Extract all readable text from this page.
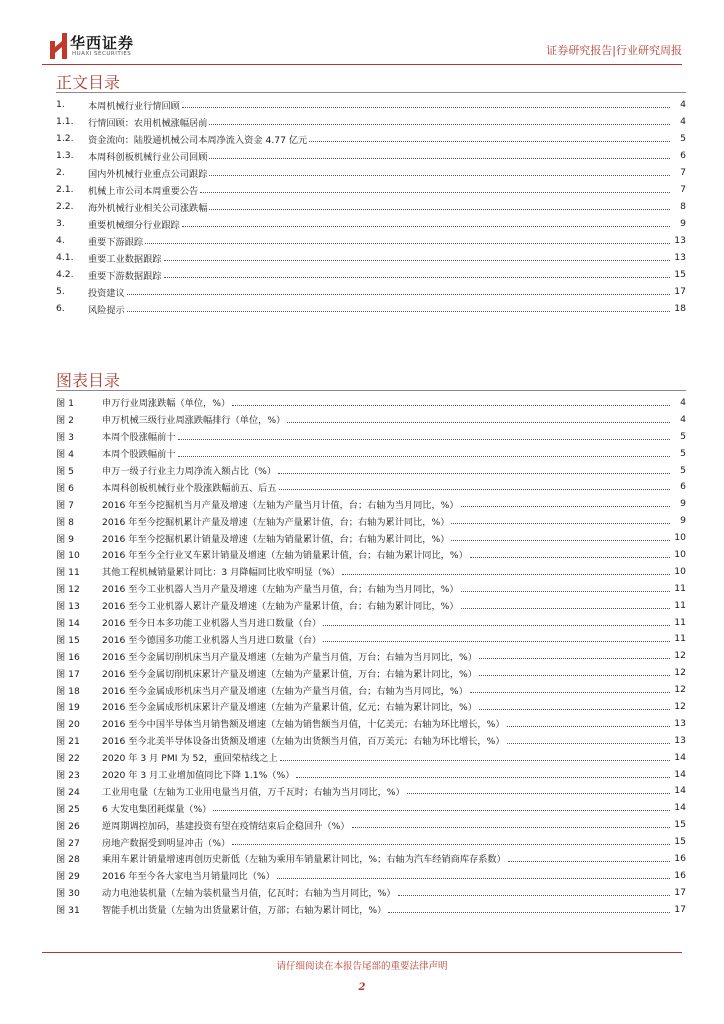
华西证券
HUAXI SECURITIES	证券研究报告|行业研究周报
正文目录
1.	本周机械行业行情回顾	4
1.1.	行情回顾：农用机械涨幅居前	4
1.2.	资金流向：陆股通机械公司本周净流入资金 4.77 亿元	5
1.3.	本周科创板机械行业公司回顾	6
2.	国内外机械行业重点公司跟踪	7
2.1.	机械上市公司本周重要公告	7
2.2.	海外机械行业相关公司涨跌幅	8
3.	重要机械细分行业跟踪	9
4.	重要下游跟踪	13
4.1.	重要工业数据跟踪	13
4.2.	重要下游数据跟踪	15
5.	投资建议	17
6.	风险提示	18
图表目录
图 1	申万行业周涨跌幅（单位，%）	4
图 2	申万机械三级行业周涨跌幅排行（单位，%）	4
图 3	本周个股涨幅前十	5
图 4	本周个股跌幅前十	5
图 5	申万一级子行业主力周净流入额占比（%）	5
图 6	本周科创板机械行业个股涨跌幅前五、后五	6
图 7	2016 年至今挖掘机当月产量及增速（左轴为产量当月计值，台；右轴为当月同比，%）	9
图 8	2016 年至今挖掘机累计产量及增速（左轴为产量累计值，台；右轴为累计同比，%）	9
图 9	2016 年至今挖掘机累计销量及增速（左轴为销量累计值，台；右轴为累计同比，%）	10
图 10	2016 年至今全行业叉车累计销量及增速（左轴为销量累计值，台；右轴为累计同比，%）	10
图 11	其他工程机械销量累计同比：3 月降幅同比收窄明显（%）	10
图 12	2016 至今工业机器人当月产量及增速（左轴为产量当月值，台；右轴为当月同比，%）	11
图 13	2016 至今工业机器人累计产量及增速（左轴为产量累计值，台；右轴为累计同比，%）	11
图 14	2016 至今日本多功能工业机器人当月进口数量（台）	11
图 15	2016 至今德国多功能工业机器人当月进口数量（台）	11
图 16	2016 至今金属切削机床当月产量及增速（左轴为产量当月值，万台；右轴为当月同比，%）	12
图 17	2016 至今金属切削机床累计产量及增速（左轴为产量累计值，万台；右轴为累计同比，%）	12
图 18	2016 至今金属成形机床当月产量及增速（左轴为产量当月值，台；右轴为当月同比，%）	12
图 19	2016 至今金属成形机床累计产量及增速（左轴为产量累计值，亿元；右轴为累计同比，%）	12
图 20	2016 至今中国半导体当月销售额及增速（左轴为销售额当月值，十亿美元；右轴为环比增长，%）	13
图 21	2016 至今北美半导体设备出货额及增速（左轴为出货额当月值，百万美元；右轴为环比增长，%）	13
图 22	2020 年 3 月 PMI 为 52，重回荣枯线之上	14
图 23	2020 年 3 月工业增加值同比下降 1.1%（%）	14
图 24	工业用电量（左轴为工业用电量当月值，万千瓦时；右轴为当月同比，%）	14
图 25	6 大发电集团耗煤量（%）	14
图 26	逆周期调控加码，基建投资有望在疫情结束后企稳回升（%）	15
图 27	房地产数据受到明显冲击（%）	15
图 28	乘用车累计销量增速再创历史新低（左轴为乘用车销量累计同比，%；右轴为汽车经销商库存系数）	16
图 29	2016 年至今各大家电当月销量同比（%）	16
图 30	动力电池装机量（左轴为装机量当月值，亿瓦时；右轴为当月同比，%）	17
图 31	智能手机出货量（左轴为出货量累计值，万部；右轴为累计同比，%）	17
请仔细阅读在本报告尾部的重要法律声明
2
